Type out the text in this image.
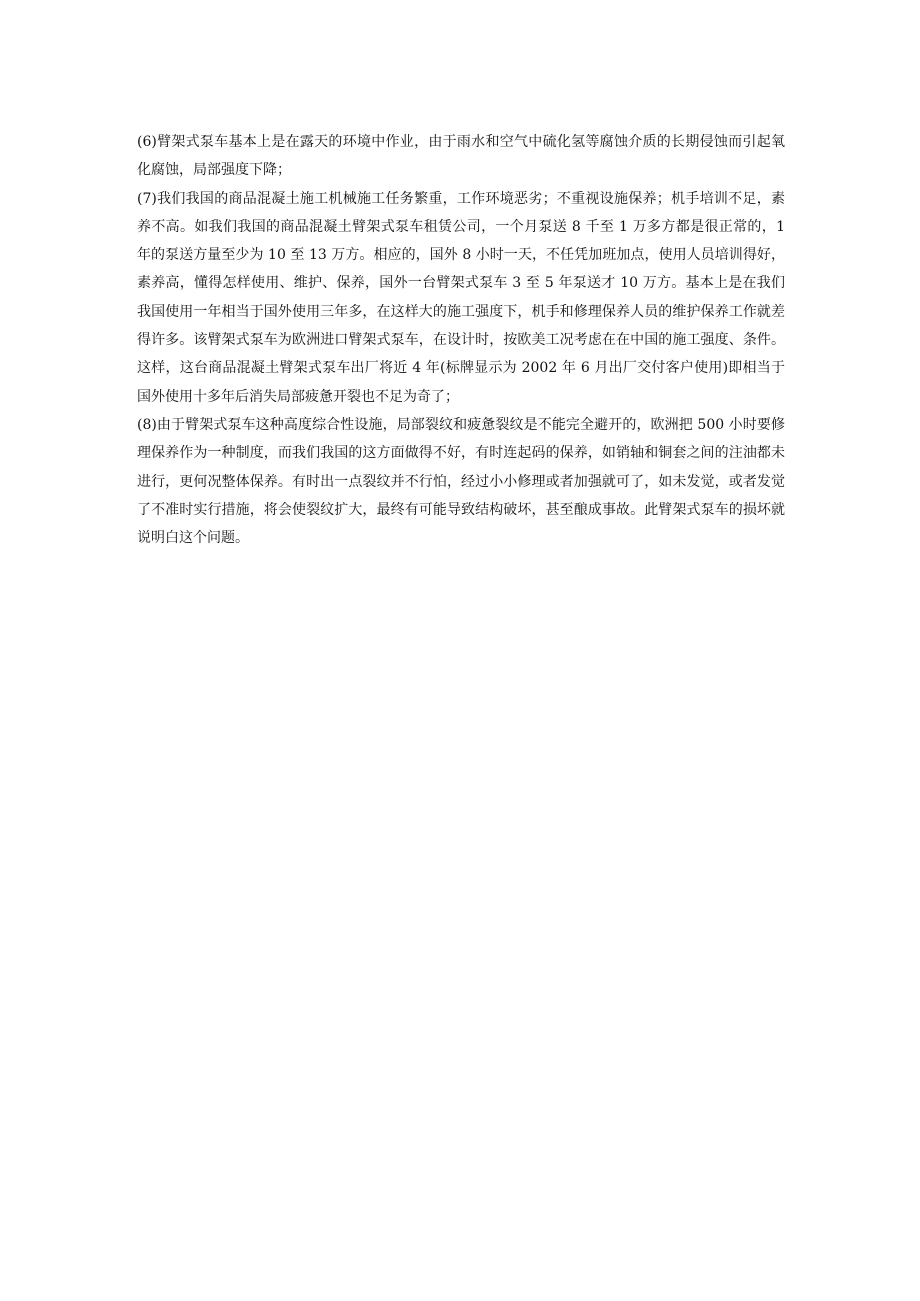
(6)臂架式泵车基本上是在露天的环境中作业，由于雨水和空气中硫化氢等腐蚀介质的长期侵蚀而引起氧化腐蚀，局部强度下降；

(7)我们我国的商品混凝土施工机械施工任务繁重，工作环境恶劣；不重视设施保养；机手培训不足，素养不高。如我们我国的商品混凝土臂架式泵车租赁公司，一个月泵送 8 千至 1 万多方都是很正常的，1 年的泵送方量至少为 10 至 13 万方。相应的，国外 8 小时一天，不任凭加班加点，使用人员培训得好，素养高，懂得怎样使用、维护、保养，国外一台臂架式泵车 3 至 5 年泵送才 10 万方。基本上是在我们我国使用一年相当于国外使用三年多，在这样大的施工强度下，机手和修理保养人员的维护保养工作就差得许多。该臂架式泵车为欧洲进口臂架式泵车，在设计时，按欧美工况考虑在在中国的施工强度、条件。这样，这台商品混凝土臂架式泵车出厂将近 4 年(标牌显示为 2002 年 6 月出厂交付客户使用)即相当于国外使用十多年后消失局部疲惫开裂也不足为奇了；

(8)由于臂架式泵车这种高度综合性设施，局部裂纹和疲惫裂纹是不能完全避开的，欧洲把 500 小时要修理保养作为一种制度，而我们我国的这方面做得不好，有时连起码的保养，如销轴和铜套之间的注油都未进行，更何况整体保养。有时出一点裂纹并不行怕，经过小小修理或者加强就可了，如未发觉，或者发觉了不准时实行措施，将会使裂纹扩大，最终有可能导致结构破坏，甚至酿成事故。此臂架式泵车的损坏就说明白这个问题。
